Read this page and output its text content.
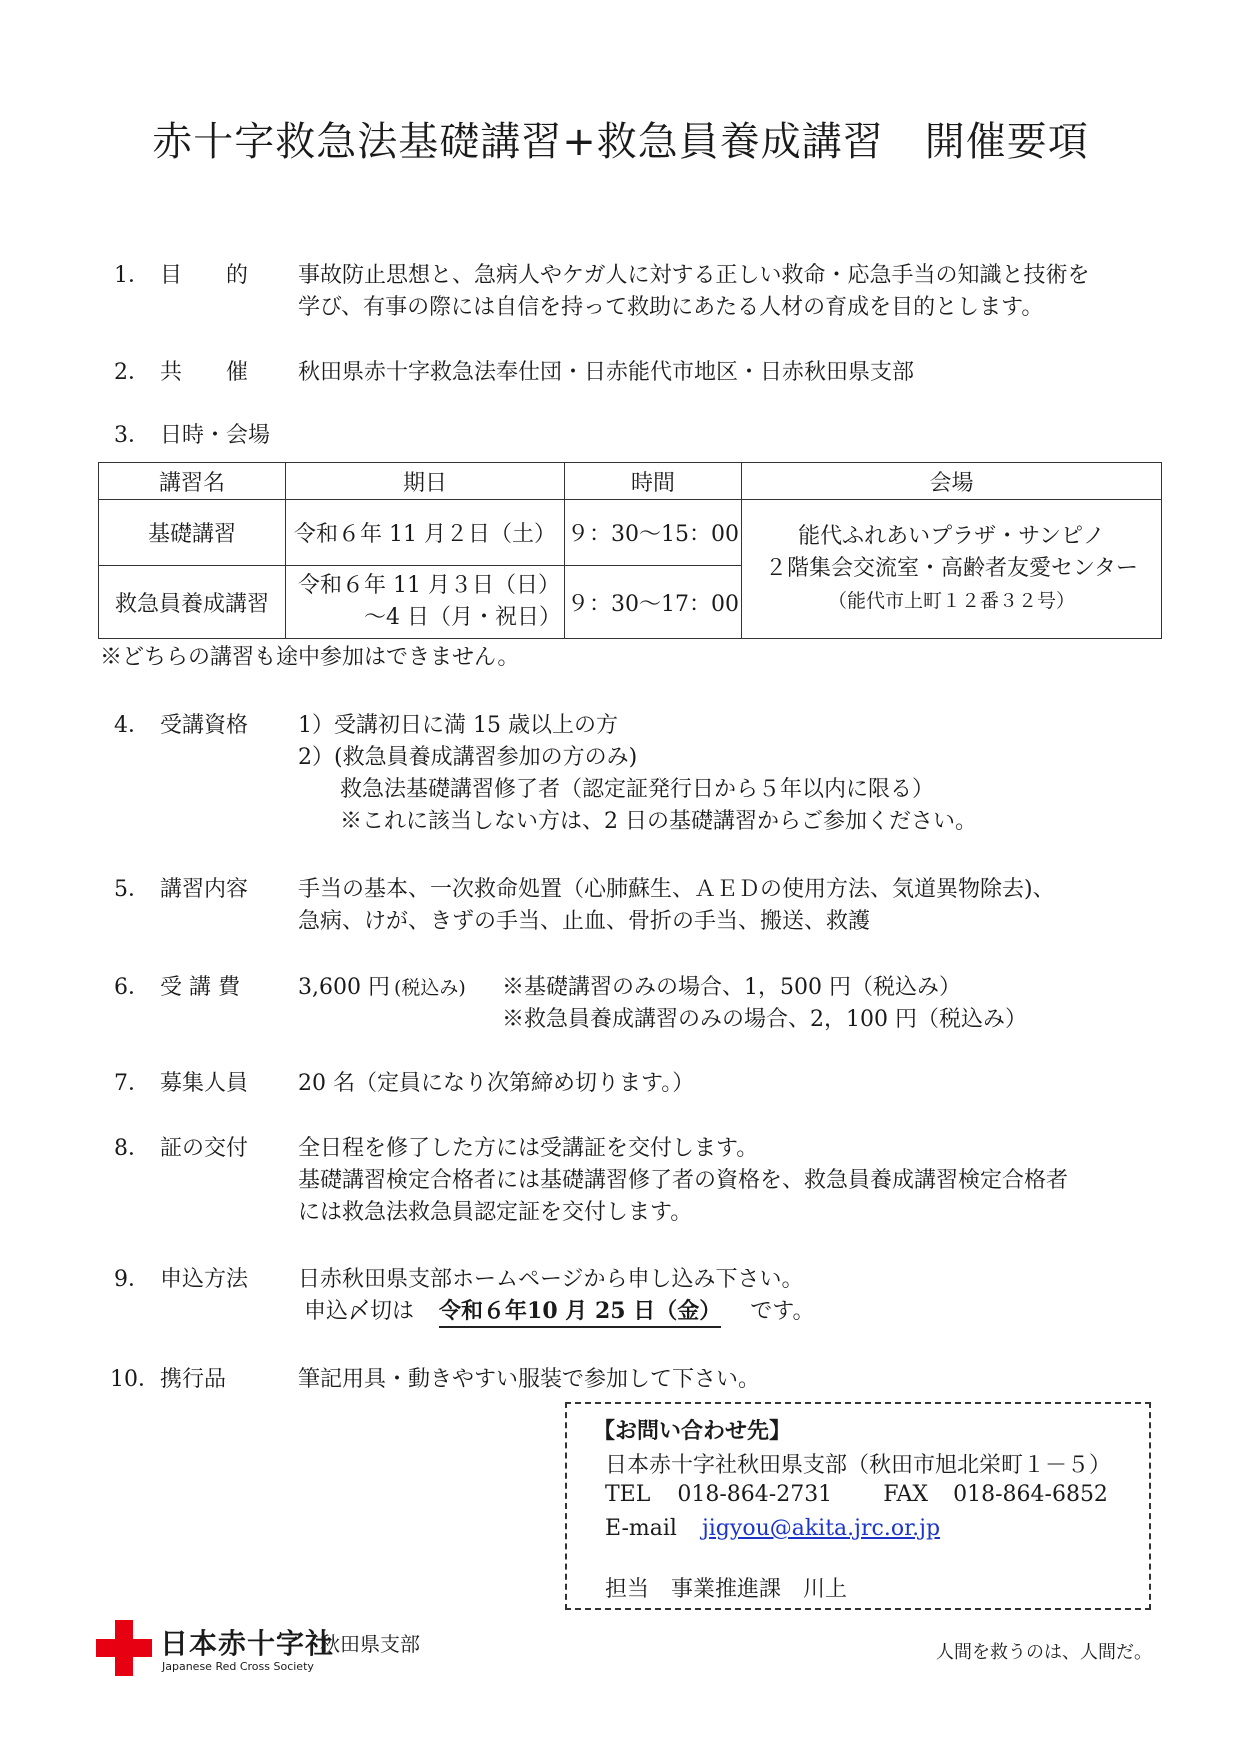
赤十字救急法基礎講習+救急員養成講習　開催要項
1． 目　　的 事故防止思想と、急病人やケガ人に対する正しい救命・応急手当の知識と技術を
学び、有事の際には自信を持って救助にあたる人材の育成を目的とします。
2． 共　　催 秋田県赤十字救急法奉仕団・日赤能代市地区・日赤秋田県支部
3． 日時・会場
講習名	期日	時間	会場
基礎講習	令和６年 11 月２日（土）	９：30〜15：00	能代ふれあいプラザ・サンピノ
２階集会交流室・高齢者友愛センター
（能代市上町１２番３２号）

救急員養成講習	令和６年 11 月３日（日）
〜4 日（月・祝日）	９：30〜17：00	
※どちらの講習も途中参加はできません。
4． 受講資格 1）受講初日に満 15 歳以上の方
2）(救急員養成講習参加の方のみ)
救急法基礎講習修了者（認定証発行日から５年以内に限る）
※これに該当しない方は、2 日の基礎講習からご参加ください。
5． 講習内容 手当の基本、一次救命処置（心肺蘇生、ＡＥＤの使用方法、気道異物除去)、
急病、けが、きずの手当、止血、骨折の手当、搬送、救護
6． 受 講 費	3,600 円 (税込み) ※基礎講習のみの場合、1，500 円（税込み）
※救急員養成講習のみの場合、2，100 円（税込み）
7． 募集人員 20 名（定員になり次第締め切ります。）
8． 証の交付 全日程を修了した方には受講証を交付します。
基礎講習検定合格者には基礎講習修了者の資格を、救急員養成講習検定合格者
には救急法救急員認定証を交付します。
9． 申込方法 日赤秋田県支部ホームページから申し込み下さい。
申込〆切は 令和６年10 月 25 日（金） です。
10． 携行品	筆記用具・動きやすい服装で参加して下さい。
【お問い合わせ先】
日本赤十字社秋田県支部（秋田市旭北栄町１－５）
TEL 018-864-2731 FAX 018-864-6852
E-mail jigyou@akita.jrc.or.jp
担当　事業推進課　川上
日本赤十字社
Japanese Red Cross Society
秋田県支部	人間を救うのは、人間だ。
